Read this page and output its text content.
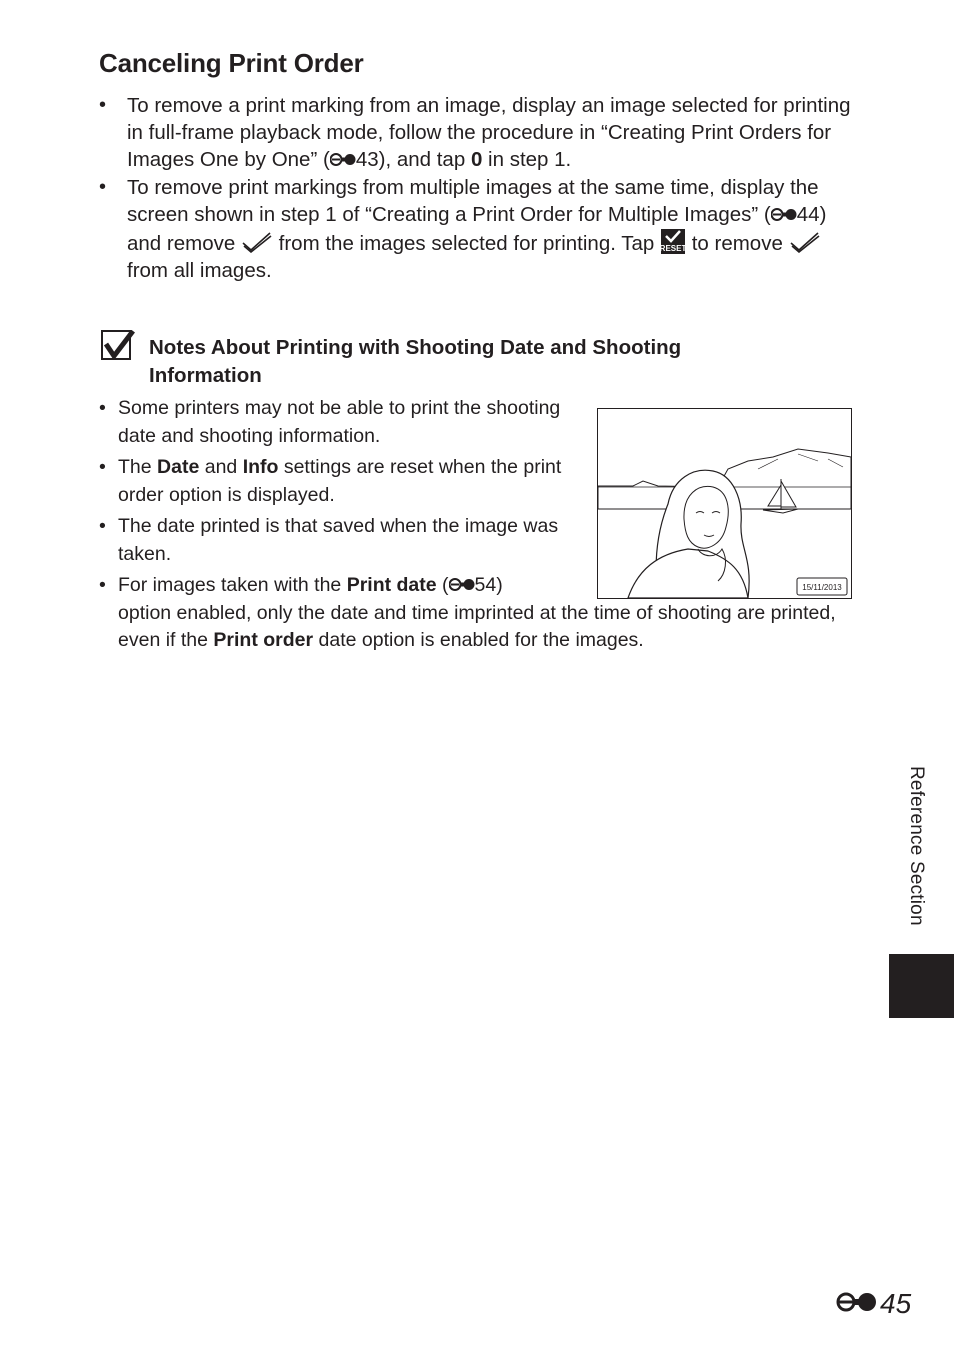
Canceling Print Order
• To remove a print marking from an image, display an image selected for printing in full-frame playback mode, follow the procedure in “Creating Print Orders for Images One by One” ( 43), and tap 0 in step 1.
• To remove print markings from multiple images at the same time, display the screen shown in step 1 of “Creating a Print Order for Multiple Images” ( 44) and remove  from the images selected for printing. Tap RESET to remove  from all images.
Notes About Printing with Shooting Date and Shooting Information
• Some printers may not be able to print the shooting date and shooting information.
• The Date and Info settings are reset when the print order option is displayed.
• The date printed is that saved when the image was taken.
• For images taken with the Print date ( 54) option enabled, only the date and time imprinted at the time of shooting are printed, even if the Print order date option is enabled for the images.
15/11/2013
Reference Section
45
